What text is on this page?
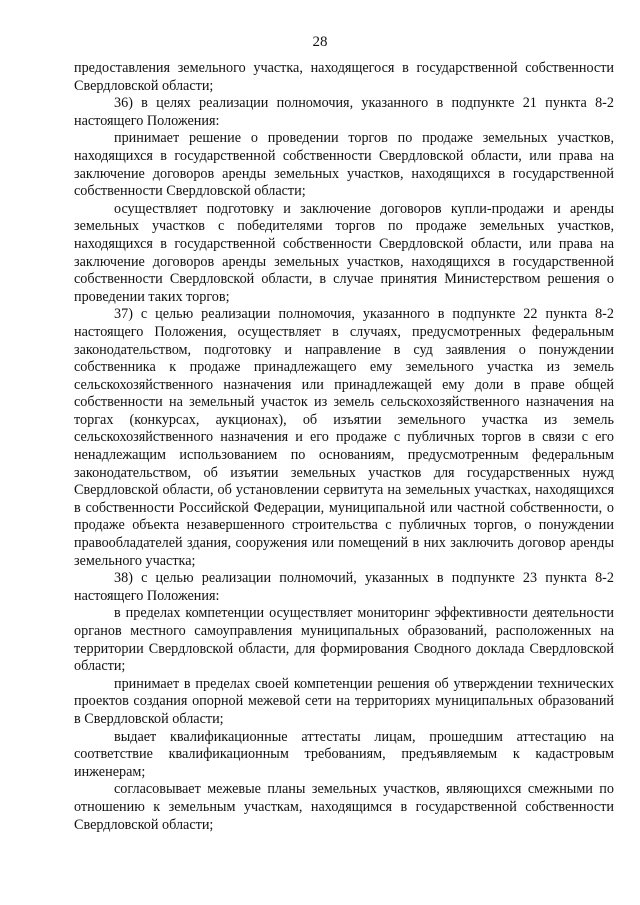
28

предоставления земельного участка, находящегося в государственной собственности Свердловской области;

36) в целях реализации полномочия, указанного в подпункте 21 пункта 8-2 настоящего Положения:

принимает решение о проведении торгов по продаже земельных участков, находящихся в государственной собственности Свердловской области, или права на заключение договоров аренды земельных участков, находящихся в государственной собственности Свердловской области;

осуществляет подготовку и заключение договоров купли-продажи и аренды земельных участков с победителями торгов по продаже земельных участков, находящихся в государственной собственности Свердловской области, или права на заключение договоров аренды земельных участков, находящихся в государственной собственности Свердловской области, в случае принятия Министерством решения о проведении таких торгов;

37) с целью реализации полномочия, указанного в подпункте 22 пункта 8-2 настоящего Положения, осуществляет в случаях, предусмотренных федеральным законодательством, подготовку и направление в суд заявления о понуждении собственника к продаже принадлежащего ему земельного участка из земель сельскохозяйственного назначения или принадлежащей ему доли в праве общей собственности на земельный участок из земель сельскохозяйственного назначения на торгах (конкурсах, аукционах), об изъятии земельного участка из земель сельскохозяйственного назначения и его продаже с публичных торгов в связи с его ненадлежащим использованием по основаниям, предусмотренным федеральным законодательством, об изъятии земельных участков для государственных нужд Свердловской области, об установлении сервитута на земельных участках, находящихся в собственности Российской Федерации, муниципальной или частной собственности, о продаже объекта незавершенного строительства с публичных торгов, о понуждении правообладателей здания, сооружения или помещений в них заключить договор аренды земельного участка;

38) с целью реализации полномочий, указанных в подпункте 23 пункта 8-2 настоящего Положения:

в пределах компетенции осуществляет мониторинг эффективности деятельности органов местного самоуправления муниципальных образований, расположенных на территории Свердловской области, для формирования Сводного доклада Свердловской области;

принимает в пределах своей компетенции решения об утверждении технических проектов создания опорной межевой сети на территориях муниципальных образований в Свердловской области;

выдает квалификационные аттестаты лицам, прошедшим аттестацию на соответствие квалификационным требованиям, предъявляемым к кадастровым инженерам;

согласовывает межевые планы земельных участков, являющихся смежными по отношению к земельным участкам, находящимся в государственной собственности Свердловской области;
